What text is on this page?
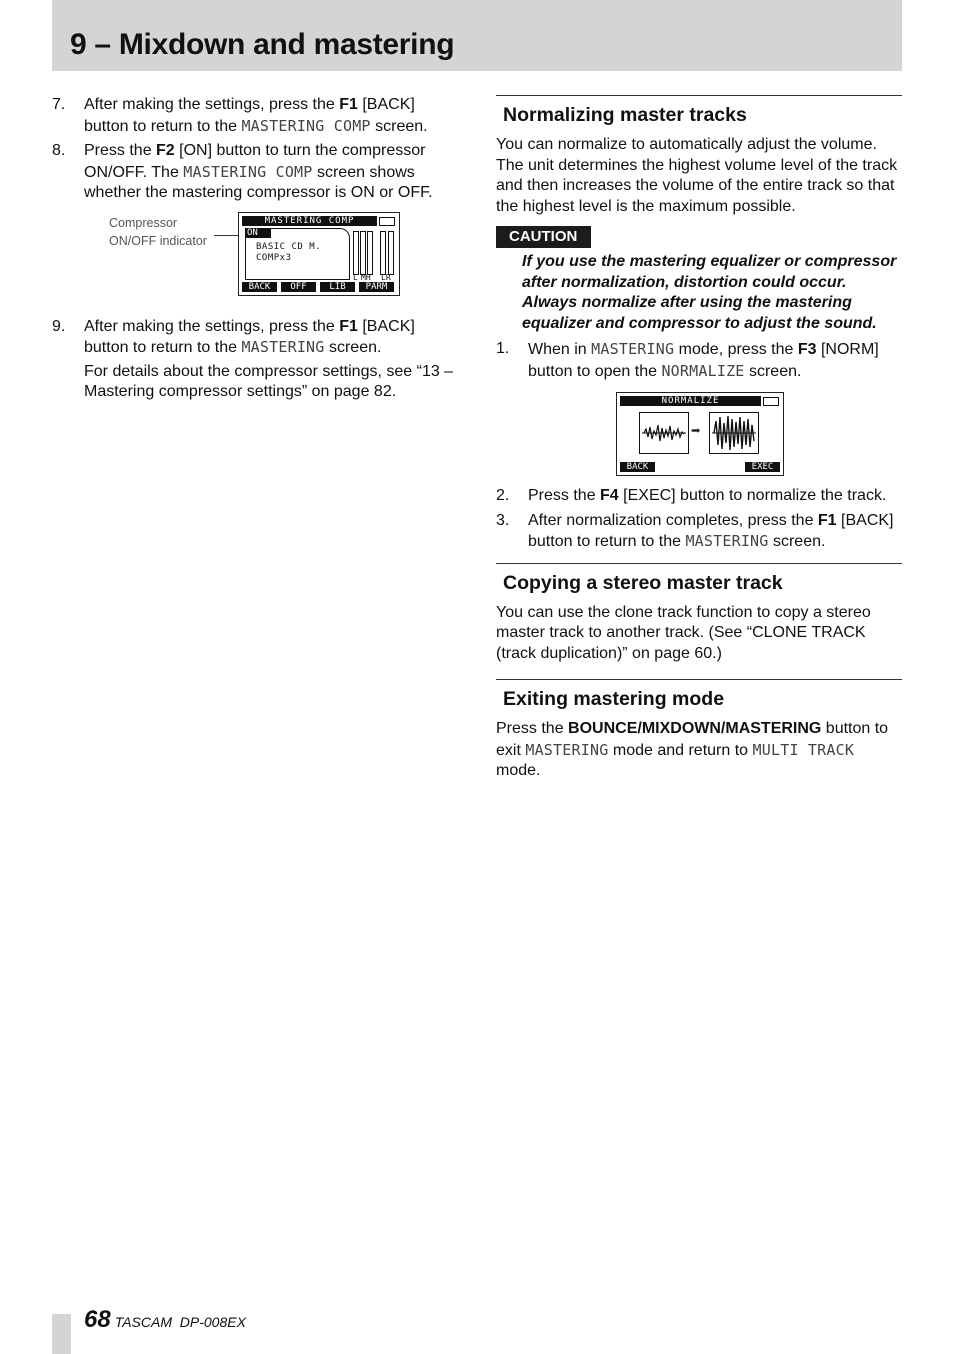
9 – Mixdown and mastering
7. After making the settings, press the F1 [BACK] button to return to the MASTERING COMP screen.
8. Press the F2 [ON] button to turn the compressor ON/OFF. The MASTERING COMP screen shows whether the mastering compressor is ON or OFF.
Compressor
ON/OFF indicator
MASTERING COMP
ON
BASIC CD M.
COMPx3
L MH LR
BACK	OFF	LIB	PARM
9. After making the settings, press the F1 [BACK] button to return to the MASTERING screen.

For details about the compressor settings, see “13 – Mastering compressor settings” on page 82.

Normalizing master tracks

You can normalize to automatically adjust the volume. The unit determines the highest volume level of the track and then increases the volume of the entire track so that the highest level is the maximum possible.

CAUTION

If you use the mastering equalizer or compressor after normalization, distortion could occur. Always normalize after using the mastering equalizer and compressor to adjust the sound.

1. When in MASTERING mode, press the F3 [NORM] button to open the NORMALIZE screen.
NORMALIZE
➡
BACK	EXEC
2. Press the F4 [EXEC] button to normalize the track.
3. After normalization completes, press the F1 [BACK] button to return to the MASTERING screen.
Copying a stereo master track

You can use the clone track function to copy a stereo master track to another track. (See “CLONE TRACK (track duplication)” on page 60.)

Exiting mastering mode

Press the BOUNCE/MIXDOWN/MASTERING button to exit MASTERING mode and return to MULTI TRACK mode.

68 TASCAM  DP-008EX
